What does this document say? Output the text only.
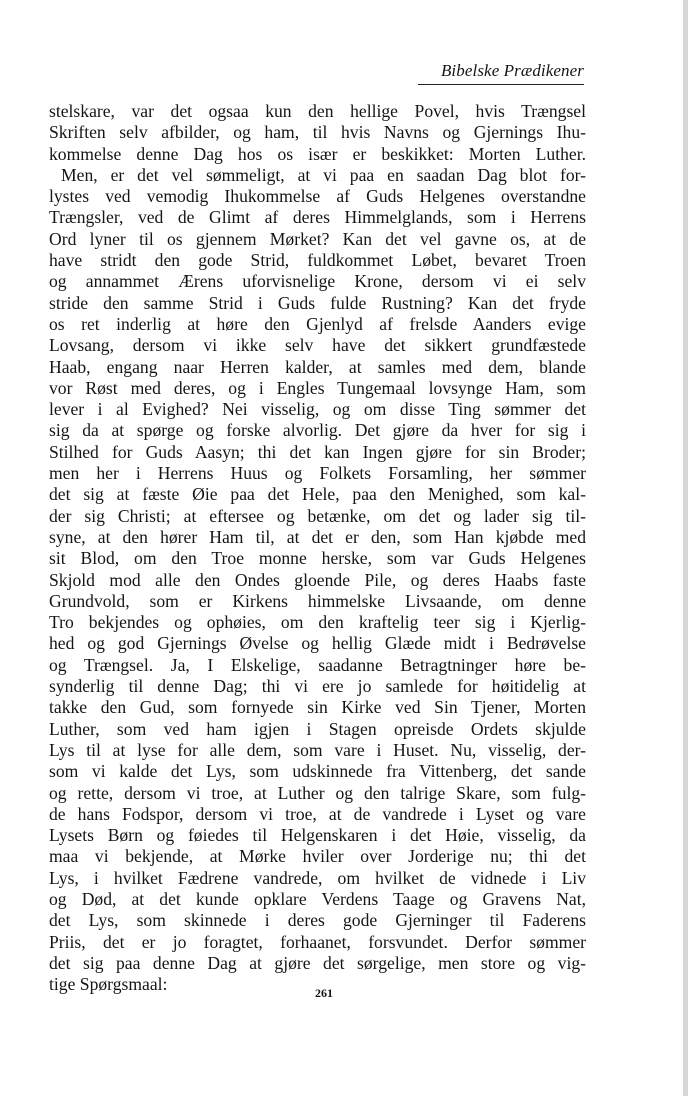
Bibelske Prædikener
stelskare, var det ogsaa kun den hellige Povel, hvis Trængsel
Skriften selv afbilder, og ham, til hvis Navns og Gjernings Ihu-
kommelse denne Dag hos os især er beskikket: Morten Luther.
Men, er det vel sømmeligt, at vi paa en saadan Dag blot for-
lystes ved vemodig Ihukommelse af Guds Helgenes overstandne
Trængsler, ved de Glimt af deres Himmelglands, som i Herrens
Ord lyner til os gjennem Mørket? Kan det vel gavne os, at de
have stridt den gode Strid, fuldkommet Løbet, bevaret Troen
og annammet Ærens uforvisnelige Krone, dersom vi ei selv
stride den samme Strid i Guds fulde Rustning? Kan det fryde
os ret inderlig at høre den Gjenlyd af frelsde Aanders evige
Lovsang, dersom vi ikke selv have det sikkert grundfæstede
Haab, engang naar Herren kalder, at samles med dem, blande
vor Røst med deres, og i Engles Tungemaal lovsynge Ham, som
lever i al Evighed? Nei visselig, og om disse Ting sømmer det
sig da at spørge og forske alvorlig. Det gjøre da hver for sig i
Stilhed for Guds Aasyn; thi det kan Ingen gjøre for sin Broder;
men her i Herrens Huus og Folkets Forsamling, her sømmer
det sig at fæste Øie paa det Hele, paa den Menighed, som kal-
der sig Christi; at eftersee og betænke, om det og lader sig til-
syne, at den hører Ham til, at det er den, som Han kjøbde med
sit Blod, om den Troe monne herske, som var Guds Helgenes
Skjold mod alle den Ondes gloende Pile, og deres Haabs faste
Grundvold, som er Kirkens himmelske Livsaande, om denne
Tro bekjendes og ophøies, om den kraftelig teer sig i Kjerlig-
hed og god Gjernings Øvelse og hellig Glæde midt i Bedrøvelse
og Trængsel. Ja, I Elskelige, saadanne Betragtninger høre be-
synderlig til denne Dag; thi vi ere jo samlede for høitidelig at
takke den Gud, som fornyede sin Kirke ved Sin Tjener, Morten
Luther, som ved ham igjen i Stagen opreisde Ordets skjulde
Lys til at lyse for alle dem, som vare i Huset. Nu, visselig, der-
som vi kalde det Lys, som udskinnede fra Vittenberg, det sande
og rette, dersom vi troe, at Luther og den talrige Skare, som fulg-
de hans Fodspor, dersom vi troe, at de vandrede i Lyset og vare
Lysets Børn og føiedes til Helgenskaren i det Høie, visselig, da
maa vi bekjende, at Mørke hviler over Jorderige nu; thi det
Lys, i hvilket Fædrene vandrede, om hvilket de vidnede i Liv
og Død, at det kunde opklare Verdens Taage og Gravens Nat,
det Lys, som skinnede i deres gode Gjerninger til Faderens
Priis, det er jo foragtet, forhaanet, forsvundet. Derfor sømmer
det sig paa denne Dag at gjøre det sørgelige, men store og vig-
tige Spørgsmaal:	261
